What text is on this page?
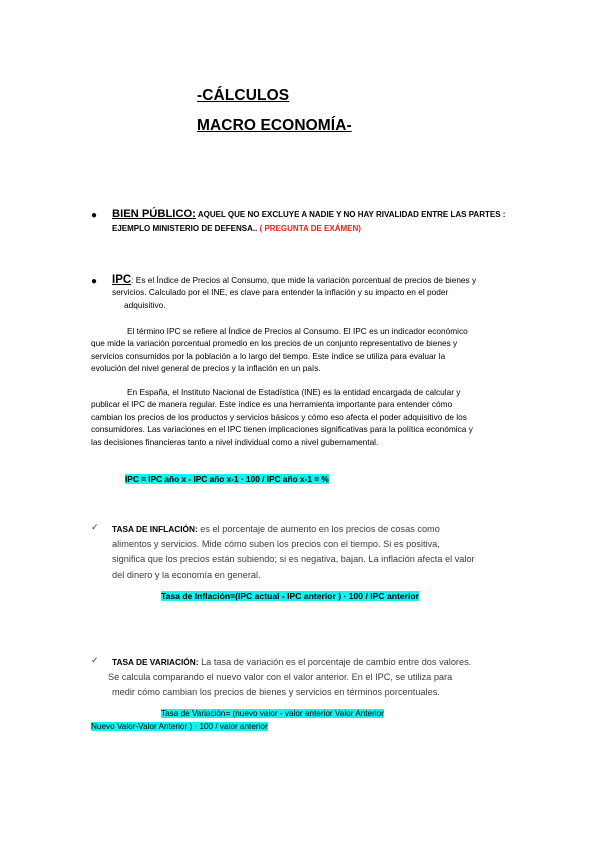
-CÁLCULOS
MACRO ECONOMÍA-
● BIEN PÚBLICO: AQUEL QUE NO EXCLUYE A NADIE Y NO HAY RIVALIDAD ENTRE LAS PARTES :
EJEMPLO MINISTERIO DE DEFENSA.. ( PREGUNTA DE EXÁMEN)
● IPC: Es el Índice de Precios al Consumo, que mide la variación porcentual de precios de bienes y
servicios. Calculado por el INE, es clave para entender la inflación y su impacto en el poder
adquisitivo.
El término IPC se refiere al Índice de Precios al Consumo. El IPC es un indicador económico
que mide la variación porcentual promedio en los precios de un conjunto representativo de bienes y
servicios consumidos por la población a lo largo del tiempo. Este índice se utiliza para evaluar la
evolución del nivel general de precios y la inflación en un país.
En España, el Instituto Nacional de Estadística (INE) es la entidad encargada de calcular y
publicar el IPC de manera regular. Este índice es una herramienta importante para entender cómo
cambian los precios de los productos y servicios básicos y cómo eso afecta el poder adquisitivo de los
consumidores. Las variaciones en el IPC tienen implicaciones significativas para la política económica y
las decisiones financieras tanto a nivel individual como a nivel gubernamental.
IPC = IPC año x - IPC año x-1 · 100 / IPC año x-1 = %
✓ TASA DE INFLACIÓN: es el porcentaje de aumento en los precios de cosas como
alimentos y servicios. Mide cómo suben los precios con el tiempo. Si es positiva,
significa que los precios están subiendo; si es negativa, bajan. La inflación afecta el valor
del dinero y la economía en general.
Tasa de Inflación=(IPC actual - IPC anterior ) · 100 / IPC anterior
✓ TASA DE VARIACIÓN: La tasa de variación es el porcentaje de cambio entre dos valores.
Se calcula comparando el nuevo valor con el valor anterior. En el IPC, se utiliza para
medir cómo cambian los precios de bienes y servicios en términos porcentuales.
Tasa de Variación= (nuevo valor - valor anterior Valor Anterior
Nuevo Valor-Valor Anterior ) · 100 / valor anterior
